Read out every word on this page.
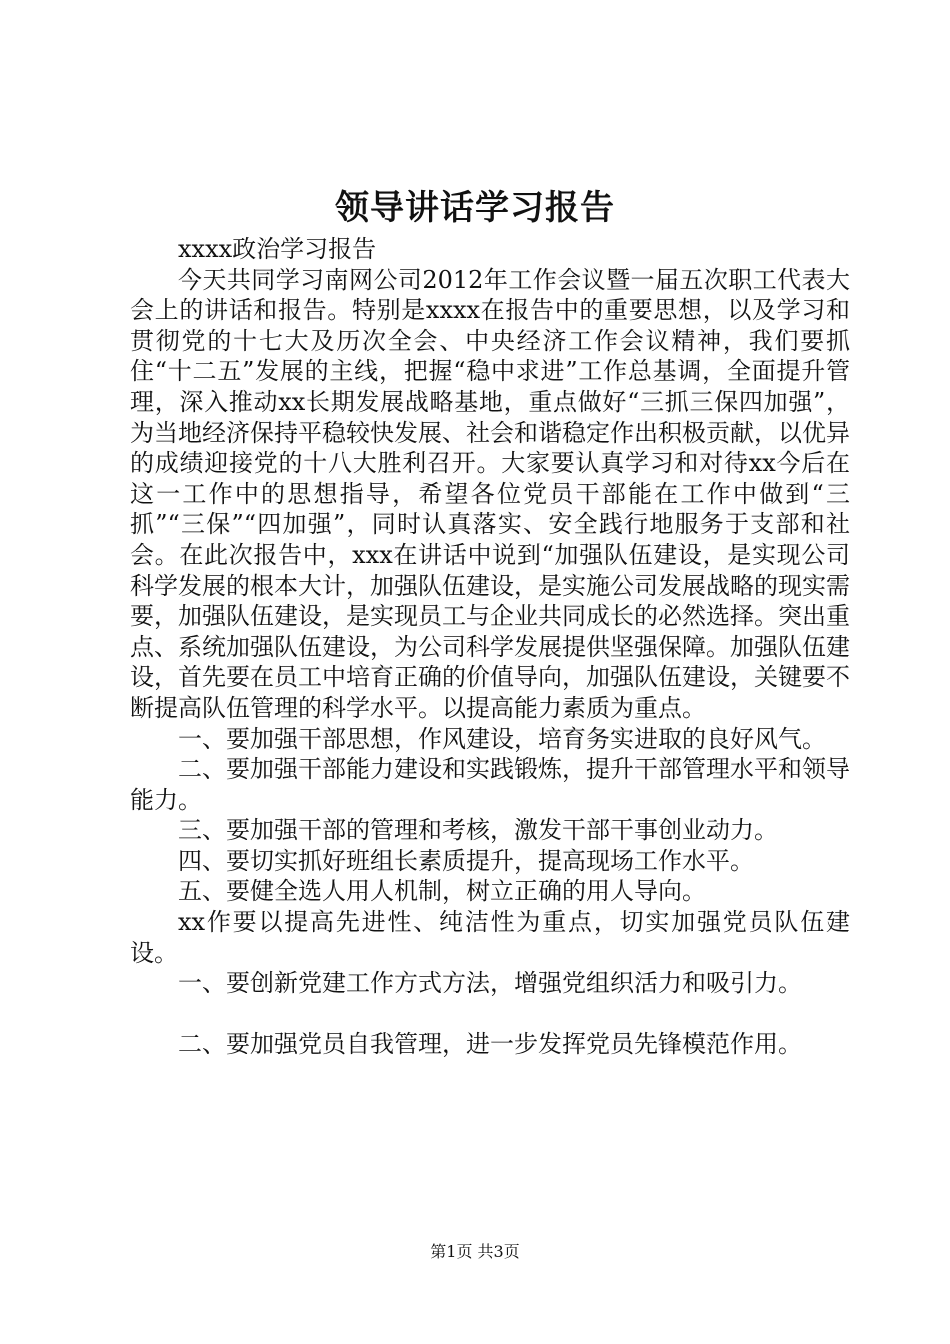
领导讲话学习报告

xxxx政治学习报告

今天共同学习南网公司2012年工作会议暨一届五次职工代表大会上的讲话和报告。特别是xxxx在报告中的重要思想，以及学习和贯彻党的十七大及历次全会、中央经济工作会议精神，我们要抓住“十二五”发展的主线，把握“稳中求进”工作总基调，全面提升管理，深入推动xx长期发展战略基地，重点做好“三抓三保四加强”，为当地经济保持平稳较快发展、社会和谐稳定作出积极贡献，以优异的成绩迎接党的十八大胜利召开。大家要认真学习和对待xx今后在这一工作中的思想指导，希望各位党员干部能在工作中做到“三抓”“三保”“四加强”，同时认真落实、安全践行地服务于支部和社会。在此次报告中，xxx在讲话中说到“加强队伍建设，是实现公司科学发展的根本大计，加强队伍建设，是实施公司发展战略的现实需要，加强队伍建设，是实现员工与企业共同成长的必然选择。突出重点、系统加强队伍建设，为公司科学发展提供坚强保障。加强队伍建设，首先要在员工中培育正确的价值导向，加强队伍建设，关键要不断提高队伍管理的科学水平。以提高能力素质为重点。

一、要加强干部思想，作风建设，培育务实进取的良好风气。

二、要加强干部能力建设和实践锻炼，提升干部管理水平和领导能力。

三、要加强干部的管理和考核，激发干部干事创业动力。

四、要切实抓好班组长素质提升，提高现场工作水平。

五、要健全选人用人机制，树立正确的用人导向。

xx作要以提高先进性、纯洁性为重点，切实加强党员队伍建设。

一、要创新党建工作方式方法，增强党组织活力和吸引力。

二、要加强党员自我管理，进一步发挥党员先锋模范作用。

第1页 共3页
